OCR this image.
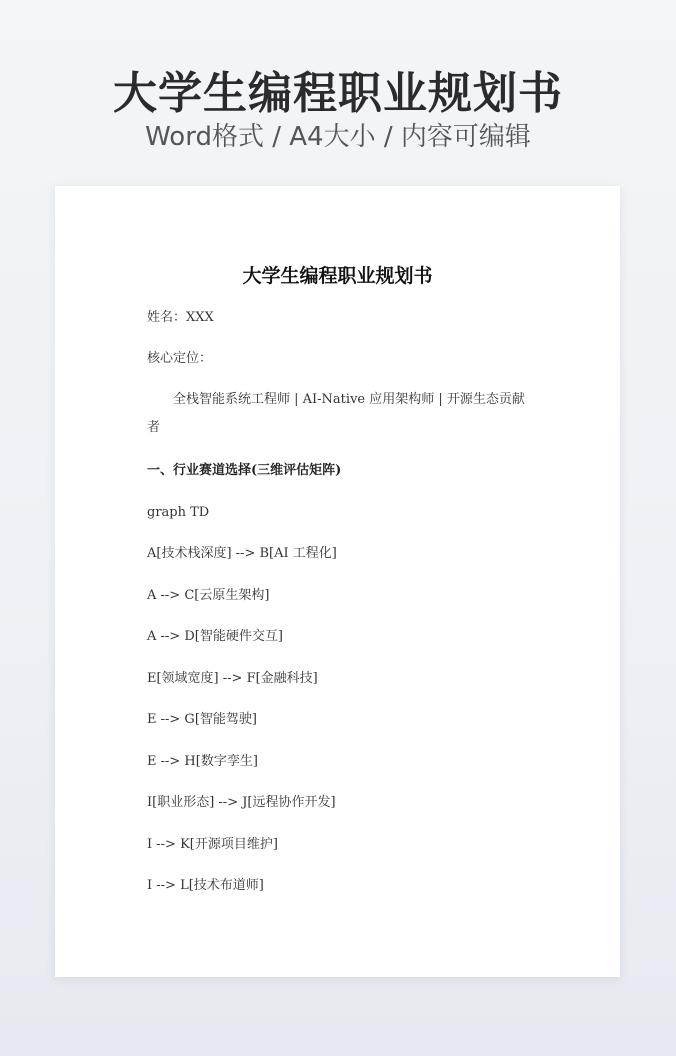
大学生编程职业规划书
Word格式 / A4大小 / 内容可编辑
大学生编程职业规划书
姓名：XXX
核心定位：
全栈智能系统工程师 | AI-Native 应用架构师 | 开源生态贡献者
一、行业赛道选择(三维评估矩阵)
graph TD
A[技术栈深度] --> B[AI 工程化]
A --> C[云原生架构]
A --> D[智能硬件交互]
E[领域宽度] --> F[金融科技]
E --> G[智能驾驶]
E --> H[数字孪生]
I[职业形态] --> J[远程协作开发]
I --> K[开源项目维护]
I --> L[技术布道师]
